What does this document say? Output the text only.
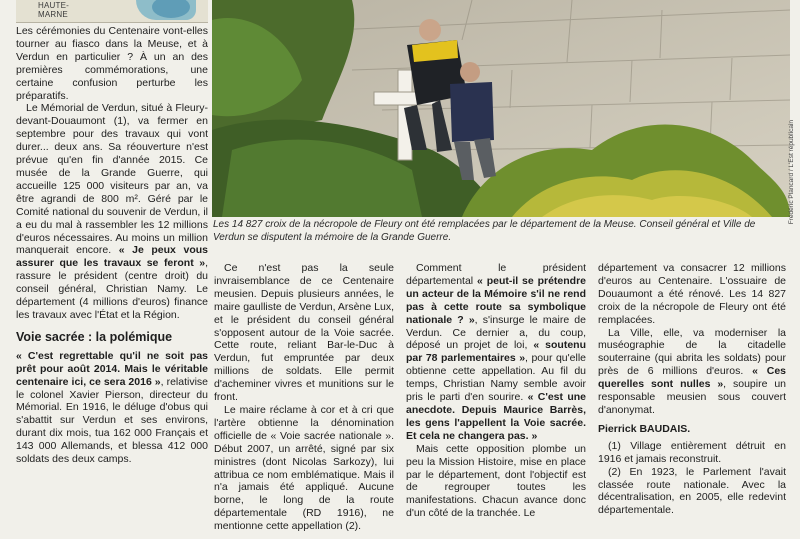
HAUTE-
MARNE
Frédéric Plancard / L'Est républicain
Les 14 827 croix de la nécropole de Fleury ont été remplacées par le département de la Meuse. Conseil général et Ville de Verdun se disputent la mémoire de la Grande Guerre.

Les cérémonies du Centenaire vont-elles tourner au fiasco dans la Meuse, et à Verdun en particulier ? À un an des premières commémorations, une certaine confusion perturbe les préparatifs.

Le Mémorial de Verdun, situé à Fleury-devant-Douaumont (1), va fermer en septembre pour des travaux qui vont durer... deux ans. Sa réouverture n'est prévue qu'en fin d'année 2015. Ce musée de la Grande Guerre, qui accueille 125 000 visiteurs par an, va être agrandi de 800 m². Géré par le Comité national du souvenir de Verdun, il a eu du mal à rassembler les 12 millions d'euros nécessaires. Au moins un million manquerait encore. « Je peux vous assurer que les travaux se feront », rassure le président (centre droit) du conseil général, Christian Namy. Le département (4 millions d'euros) finance les travaux avec l'État et la Région.

Voie sacrée : la polémique

« C'est regrettable qu'il ne soit pas prêt pour août 2014. Mais le véritable centenaire ici, ce sera 2016 », relativise le colonel Xavier Pierson, directeur du Mémorial. En 1916, le déluge d'obus qui s'abattit sur Verdun et ses environs, durant dix mois, tua 162 000 Français et 143 000 Allemands, et blessa 412 000 soldats des deux camps.

Ce n'est pas la seule invraisemblance de ce Centenaire meusien. Depuis plusieurs années, le maire gaulliste de Verdun, Arsène Lux, et le président du conseil général s'opposent autour de la Voie sacrée. Cette route, reliant Bar-le-Duc à Verdun, fut empruntée par deux millions de soldats. Elle permit d'acheminer vivres et munitions sur le front.

Le maire réclame à cor et à cri que l'artère obtienne la dénomination officielle de « Voie sacrée nationale ». Début 2007, un arrêté, signé par six ministres (dont Nicolas Sarkozy), lui attribua ce nom emblématique. Mais il n'a jamais été appliqué. Aucune borne, le long de la route départementale (RD 1916), ne mentionne cette appellation (2).

Comment le président départemental « peut-il se prétendre un acteur de la Mémoire s'il ne rend pas à cette route sa symbolique nationale ? », s'insurge le maire de Verdun. Ce dernier a, du coup, déposé un projet de loi, « soutenu par 78 parlementaires », pour qu'elle obtienne cette appellation. Au fil du temps, Christian Namy semble avoir pris le parti d'en sourire. « C'est une anecdote. Depuis Maurice Barrès, les gens l'appellent la Voie sacrée. Et cela ne changera pas. »

Mais cette opposition plombe un peu la Mission Histoire, mise en place par le département, dont l'objectif est de regrouper toutes les manifestations. Chacun avance donc d'un côté de la tranchée. Le

département va consacrer 12 millions d'euros au Centenaire. L'ossuaire de Douaumont a été rénové. Les 14 827 croix de la nécropole de Fleury ont été remplacées.

La Ville, elle, va moderniser la muséographie de la citadelle souterraine (qui abrita les soldats) pour près de 6 millions d'euros. « Ces querelles sont nulles », soupire un responsable meusien sous couvert d'anonymat.

Pierrick BAUDAIS.

(1) Village entièrement détruit en 1916 et jamais reconstruit.

(2) En 1923, le Parlement l'avait classée route nationale. Avec la décentralisation, en 2005, elle redevint départementale.
